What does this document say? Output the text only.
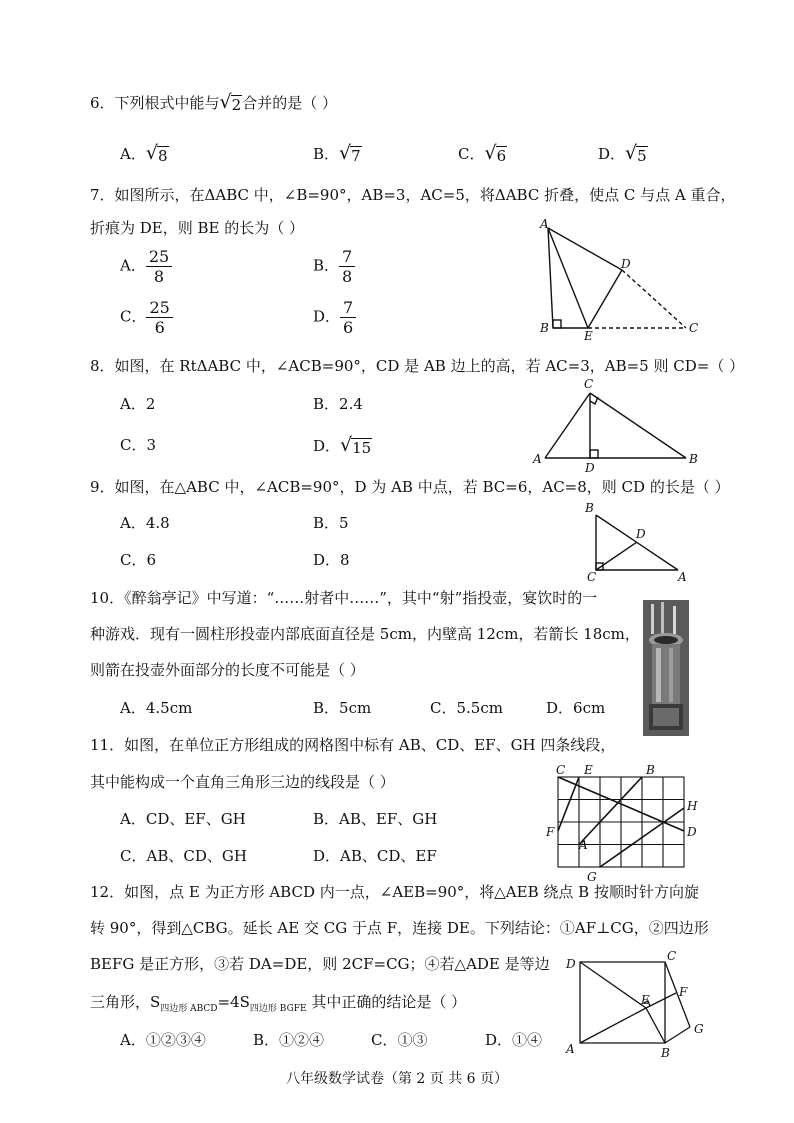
6．下列根式中能与 √ 2 合并的是（ ）
A． √ 8	B． √ 7	C． √ 6	D． √ 5
7．如图所示，在ΔABC 中，∠B=90°，AB=3，AC=5，将ΔABC 折叠，使点 C 与点 A 重合，
折痕为 DE，则 BE 的长为（ ）
A． $\frac{25}{8}$	B． $\frac{7}{8}$
C． $\frac{25}{6}$	D． $\frac{7}{6}$
A
B	C
D
E
8．如图，在 RtΔABC 中，∠ACB=90°，CD 是 AB 边上的高，若 AC=3，AB=5 则 CD=（ ）
A．2	B．2.4
C．3	D． √ 15
C
A	B
D
9．如图，在△ABC 中，∠ACB=90°，D 为 AB 中点，若 BC=6，AC=8，则 CD 的长是（ ）
A．4.8	B．5
C．6	D．8
B
D
C	A
10．《醉翁亭记》中写道：“……射者中……”，其中“射”指投壶，宴饮时的一
种游戏．现有一圆柱形投壶内部底面直径是 5cm，内壁高 12cm，若箭长 18cm，
则箭在投壶外面部分的长度不可能是（ ）
A．4.5cm	B．5cm	C．5.5cm	D．6cm
11．如图，在单位正方形组成的网格图中标有 AB、CD、EF、GH 四条线段，
其中能构成一个直角三角形三边的线段是（ ）
A．CD、EF、GH	B．AB、EF、GH
C．AB、CD、GH	D．AB、CD、EF
C E	B
H
F	D
A
G
12．如图，点 E 为正方形 ABCD 内一点，∠AEB=90°，将△AEB 绕点 B 按顺时针方向旋
转 90°，得到△CBG。延长 AE 交 CG 于点 F，连接 DE。下列结论：①AF⊥CG，②四边形
BEFG 是正方形，③若 DA=DE，则 2CF=CG；④若△ADE 是等边
三角形，$S_{四边形 ABCD}=4S_{四边形 BGFE}$ 其中正确的结论是（ ）
A．①②③④	B．①②④	C．①③	D．①④
D
C
F
E
G
A	B
八年级数学试卷（第 2 页 共 6 页）
